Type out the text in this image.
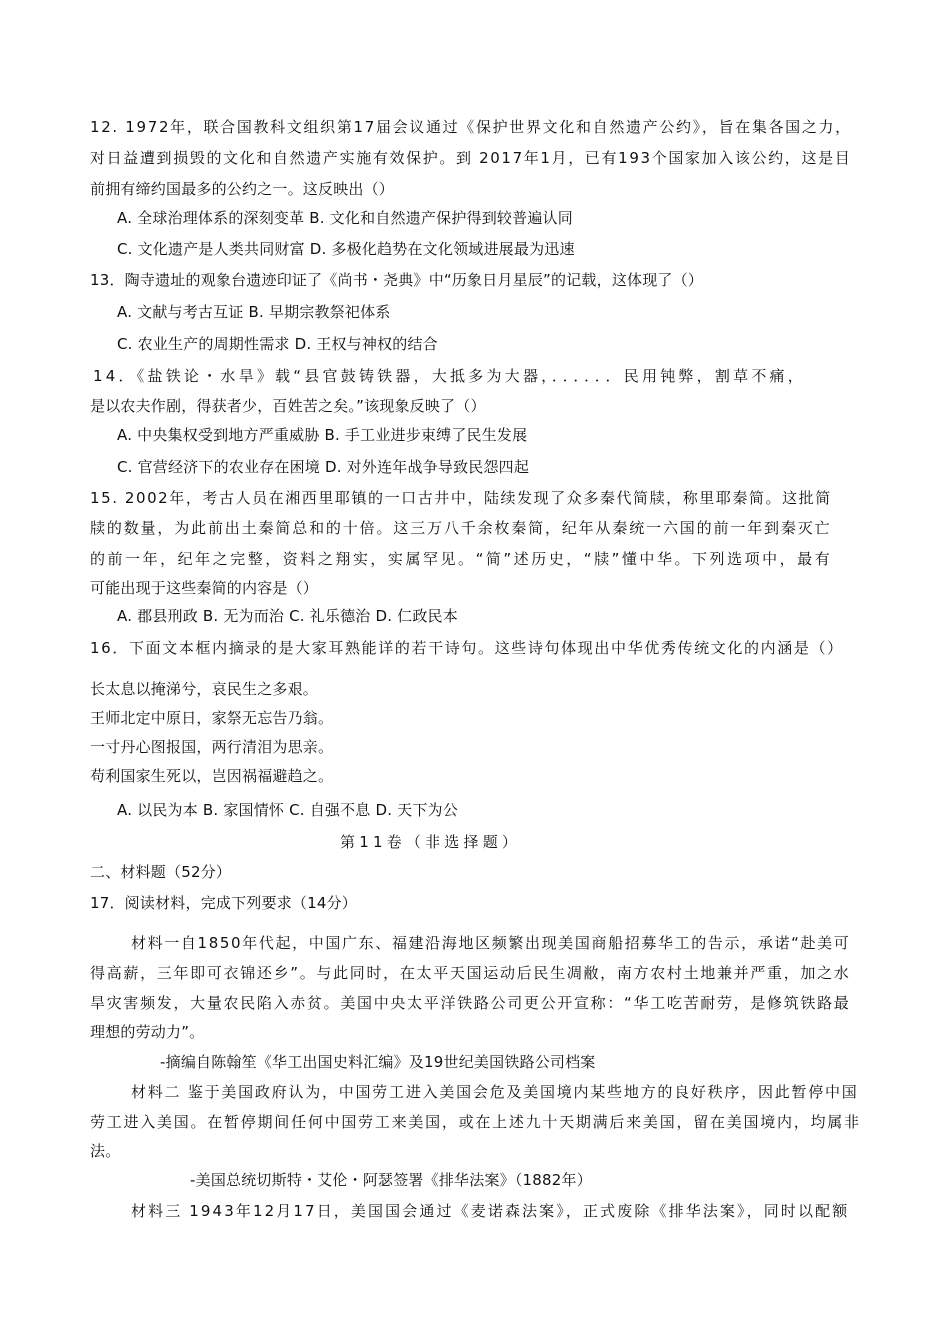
12. 1972年，联合国教科文组织第17届会议通过《保护世界文化和自然遗产公约》，旨在集各国之力，
对日益遭到损毁的文化和自然遗产实施有效保护。到 2017年1月，已有193个国家加入该公约，这是目
前拥有缔约国最多的公约之一。这反映出（）
A. 全球治理体系的深刻变革 B. 文化和自然遗产保护得到较普遍认同
C. 文化遗产是人类共同财富 D. 多极化趋势在文化领域进展最为迅速
13．陶寺遗址的观象台遗迹印证了《尚书・尧典》中“历象日月星辰”的记载，这体现了（）
A. 文献与考古互证 B. 早期宗教祭祀体系
C. 农业生产的周期性需求 D. 王权与神权的结合
14．《盐铁论・水旱》载“县官鼓铸铁器，大抵多为大器，．．．．．．民用钝弊，割草不痛，
是以农夫作剧，得获者少，百姓苦之矣。”该现象反映了（）
A. 中央集权受到地方严重威胁 B. 手工业进步束缚了民生发展
C. 官营经济下的农业存在困境 D. 对外连年战争导致民怨四起
15. 2002年，考古人员在湘西里耶镇的一口古井中，陆续发现了众多秦代简牍，称里耶秦简。这批简
牍的数量，为此前出土秦简总和的十倍。这三万八千余枚秦简，纪年从秦统一六国的前一年到秦灭亡
的前一年，纪年之完整，资料之翔实，实属罕见。“简”述历史，“牍”懂中华。下列选项中，最有
可能出现于这些秦简的内容是（）
A. 郡县刑政 B. 无为而治 C. 礼乐德治 D. 仁政民本
16．下面文本框内摘录的是大家耳熟能详的若干诗句。这些诗句体现出中华优秀传统文化的内涵是（）
长太息以掩涕兮，哀民生之多艰。
王师北定中原日，家祭无忘告乃翁。
一寸丹心图报国，两行清泪为思亲。
苟利国家生死以，岂因祸福避趋之。
A. 以民为本 B. 家国情怀 C. 自强不息 D. 天下为公
第11卷（非选择题）
二、材料题（52分）
17．阅读材料，完成下列要求（14分）
材料一自1850年代起，中国广东、福建沿海地区频繁出现美国商船招募华工的告示，承诺“赴美可
得高薪，三年即可衣锦还乡”。与此同时，在太平天国运动后民生凋敝，南方农村土地兼并严重，加之水
旱灾害频发，大量农民陷入赤贫。美国中央太平洋铁路公司更公开宣称：“华工吃苦耐劳，是修筑铁路最
理想的劳动力”。
-摘编自陈翰笙《华工出国史料汇编》及19世纪美国铁路公司档案
材料二 鉴于美国政府认为，中国劳工进入美国会危及美国境内某些地方的良好秩序，因此暂停中国
劳工进入美国。在暂停期间任何中国劳工来美国，或在上述九十天期满后来美国，留在美国境内，均属非
法。
-美国总统切斯特・艾伦・阿瑟签署《排华法案》（1882年）
材料三 1943年12月17日，美国国会通过《麦诺森法案》，正式废除《排华法案》，同时以配额
